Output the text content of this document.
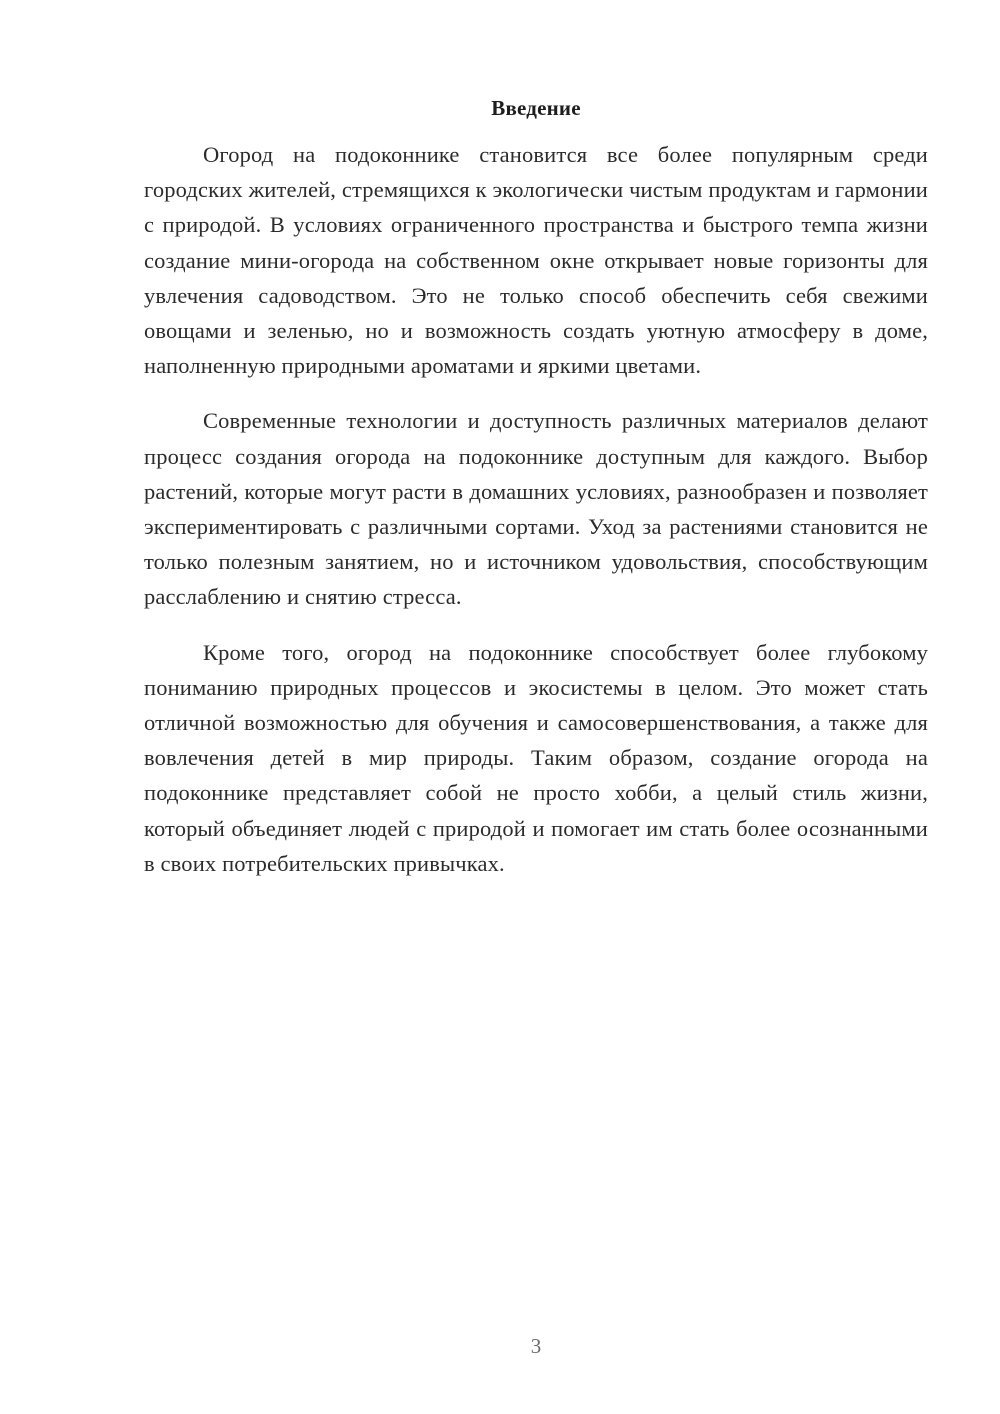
Введение

Огород на подоконнике становится все более популярным среди городских жителей, стремящихся к экологически чистым продуктам и гармонии с природой. В условиях ограниченного пространства и быстрого темпа жизни создание мини-огорода на собственном окне открывает новые горизонты для увлечения садоводством. Это не только способ обеспечить себя свежими овощами и зеленью, но и возможность создать уютную атмосферу в доме, наполненную природными ароматами и яркими цветами.

Современные технологии и доступность различных материалов делают процесс создания огорода на подоконнике доступным для каждого. Выбор растений, которые могут расти в домашних условиях, разнообразен и позволяет экспериментировать с различными сортами. Уход за растениями становится не только полезным занятием, но и источником удовольствия, способствующим расслаблению и снятию стресса.

Кроме того, огород на подоконнике способствует более глубокому пониманию природных процессов и экосистемы в целом. Это может стать отличной возможностью для обучения и самосовершенствования, а также для вовлечения детей в мир природы. Таким образом, создание огорода на подоконнике представляет собой не просто хобби, а целый стиль жизни, который объединяет людей с природой и помогает им стать более осознанными в своих потребительских привычках.

3
